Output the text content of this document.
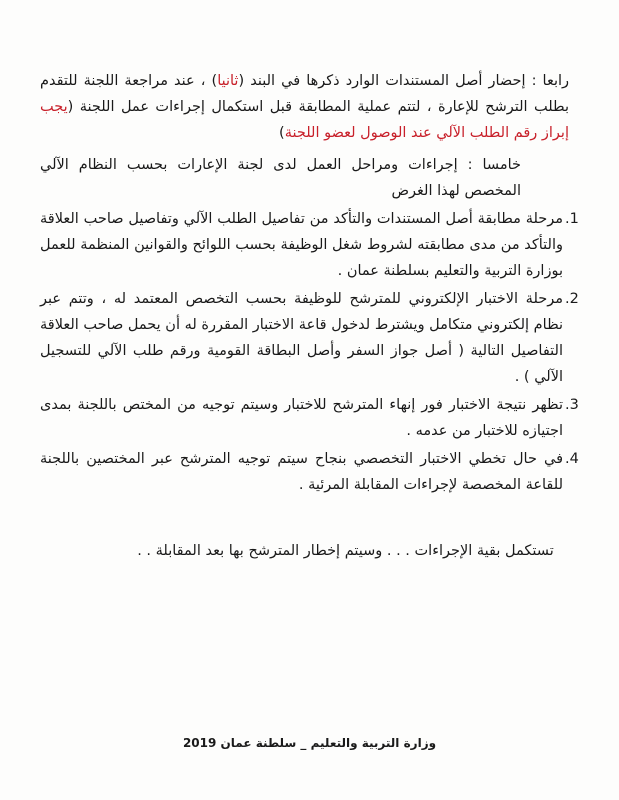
رابعا : إحضار أصل المستندات الوارد ذكرها في البند (ثانيا) ، عند مراجعة اللجنة للتقدم بطلب الترشح للإعارة ، لتتم عملية المطابقة قبل استكمال إجراءات عمل اللجنة (يجب إبراز رقم الطلب الآلي عند الوصول لعضو اللجنة)

خامسا : إجراءات ومراحل العمل لدى لجنة الإعارات بحسب النظام الآلي المخصص لهذا الغرض

1.
مرحلة مطابقة أصل المستندات والتأكد من تفاصيل الطلب الآلي وتفاصيل صاحب العلاقة والتأكد من مدى مطابقته لشروط شغل الوظيفة بحسب اللوائح والقوانين المنظمة للعمل بوزارة التربية والتعليم بسلطنة عمان .
2.
مرحلة الاختبار الإلكتروني للمترشح للوظيفة بحسب التخصص المعتمد له ، وتتم عبر نظام إلكتروني متكامل ويشترط لدخول قاعة الاختبار المقررة له أن يحمل صاحب العلاقة التفاصيل التالية ( أصل جواز السفر وأصل البطاقة القومية ورقم طلب الآلي للتسجيل الآلي ) .
3.
تظهر نتيجة الاختبار فور إنهاء المترشح للاختبار وسيتم توجيه من المختص باللجنة بمدى اجتيازه للاختبار من عدمه .
4.
في حال تخطي الاختبار التخصصي بنجاح سيتم توجيه المترشح عبر المختصين باللجنة للقاعة المخصصة لإجراءات المقابلة المرئية .

تستكمل بقية الإجراءات . . . وسيتم إخطار المترشح بها بعد المقابلة . .

وزارة التربية والتعليم _ سلطنة عمان 2019
